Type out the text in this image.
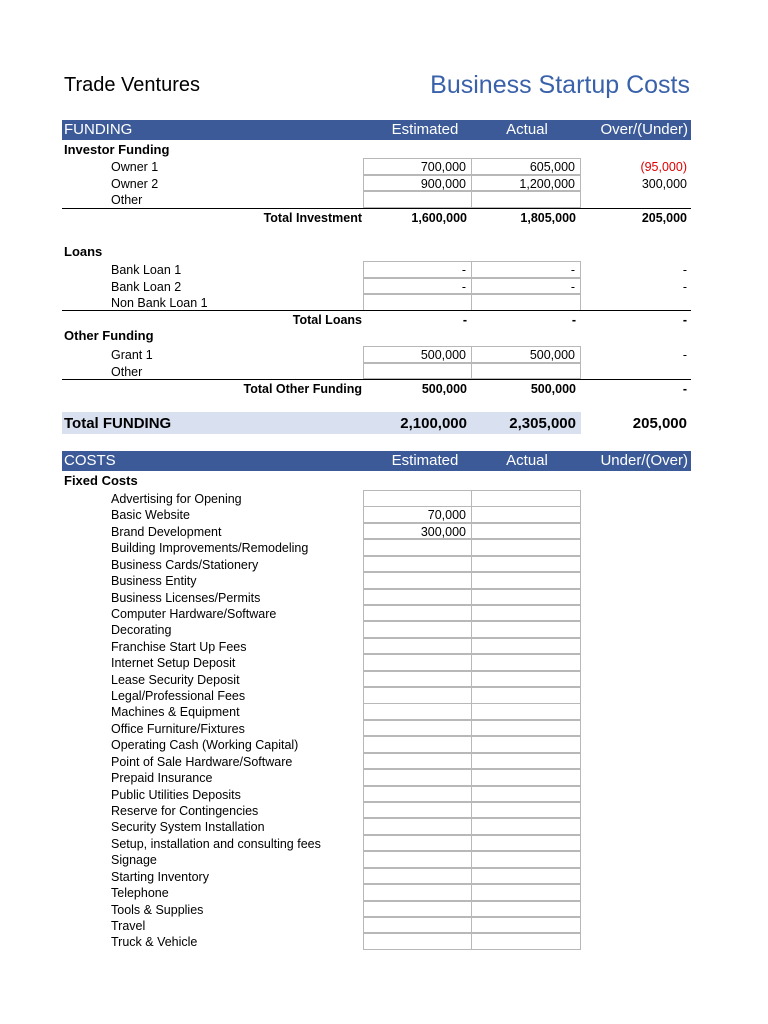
Trade Ventures	Business Startup Costs
FUNDING	Estimated	Actual	Over/(Under)
Investor Funding
Owner 1	700,000	605,000	(95,000)
Owner 2	900,000	1,200,000	300,000
Other
Total Investment	1,600,000	1,805,000	205,000
Loans
Bank Loan 1	-	-	-
Bank Loan 2	-	-	-
Non Bank Loan 1
Total Loans	-	-	-
Other Funding
Grant 1	500,000	500,000	-
Other
Total Other Funding	500,000	500,000	-
Total FUNDING	2,100,000	2,305,000	205,000
COSTS	Estimated	Actual	Under/(Over)
Fixed Costs
Advertising for Opening
Basic Website	70,000
Brand Development	300,000
Building Improvements/Remodeling
Business Cards/Stationery
Business Entity
Business Licenses/Permits
Computer Hardware/Software
Decorating
Franchise Start Up Fees
Internet Setup Deposit
Lease Security Deposit
Legal/Professional Fees
Machines & Equipment
Office Furniture/Fixtures
Operating Cash (Working Capital)
Point of Sale Hardware/Software
Prepaid Insurance
Public Utilities Deposits
Reserve for Contingencies
Security System Installation
Setup, installation and consulting fees
Signage
Starting Inventory
Telephone
Tools & Supplies
Travel
Truck & Vehicle
